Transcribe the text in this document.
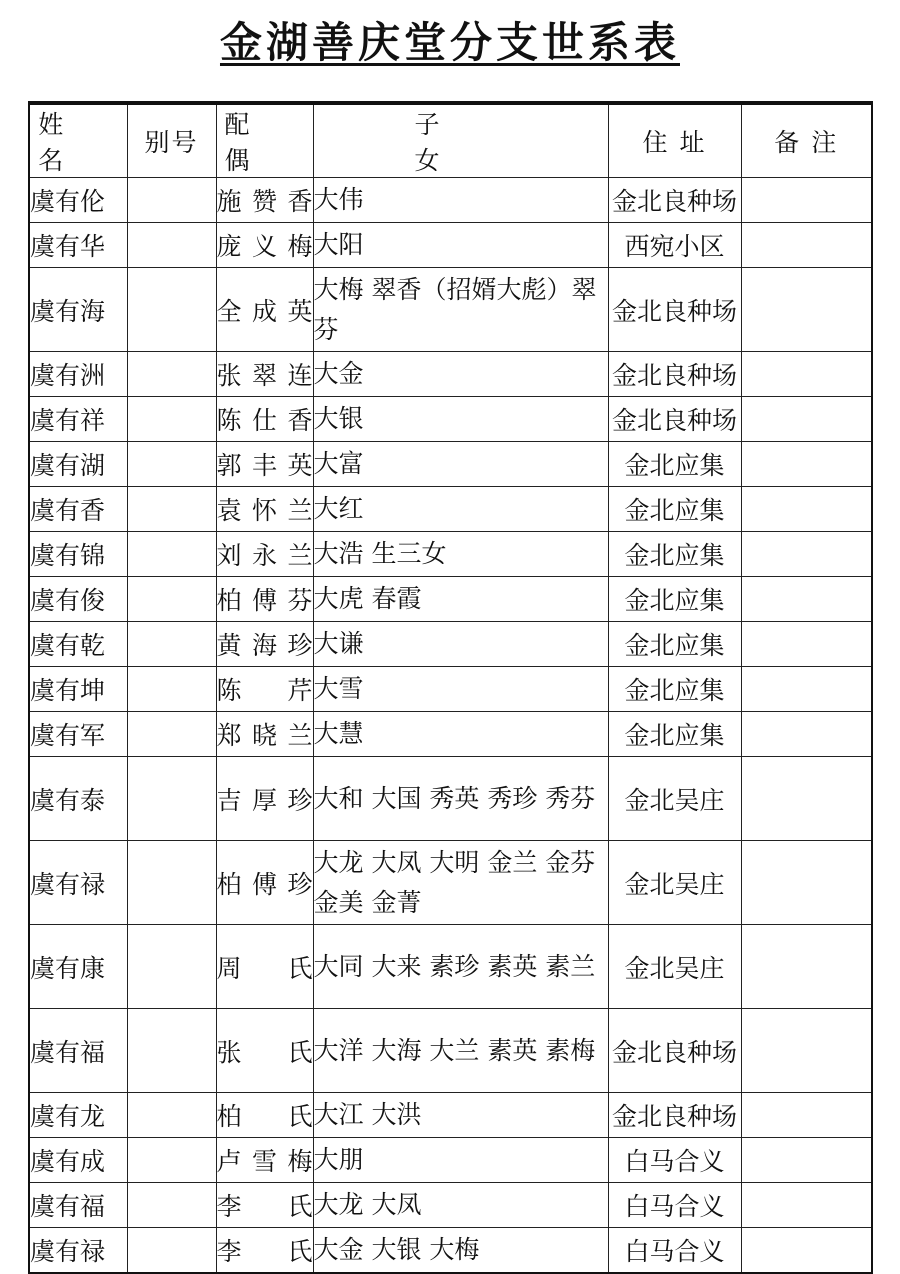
金湖善庆堂分支世系表
姓　名	别号	配　偶	子　　　女	住 址	备 注
虞有伦		施赞香	大伟	金北良种场	
虞有华		庞义梅	大阳	西宛小区	
虞有海		全成英	大梅 翠香（招婿大彪）翠芬	金北良种场	
虞有洲		张翠连	大金	金北良种场	
虞有祥		陈仕香	大银	金北良种场	
虞有湖		郭丰英	大富	金北应集	
虞有香		袁怀兰	大红	金北应集	
虞有锦		刘永兰	大浩 生三女	金北应集	
虞有俊		柏傅芬	大虎 春霞	金北应集	
虞有乾		黄海珍	大谦	金北应集	
虞有坤		陈 芹	大雪	金北应集	
虞有军		郑晓兰	大慧	金北应集	
虞有泰		吉厚珍	大和 大国 秀英 秀珍 秀芬	金北吴庄	
虞有禄		柏傅珍	大龙 大凤 大明 金兰 金芬 金美 金菁	金北吴庄	
虞有康		周 氏	大同 大来 素珍 素英 素兰	金北吴庄	
虞有福		张 氏	大洋 大海 大兰 素英 素梅	金北良种场	
虞有龙		柏 氏	大江 大洪	金北良种场	
虞有成		卢雪梅	大朋	白马合义	
虞有福		李 氏	大龙 大凤	白马合义	
虞有禄		李 氏	大金 大银 大梅	白马合义	
